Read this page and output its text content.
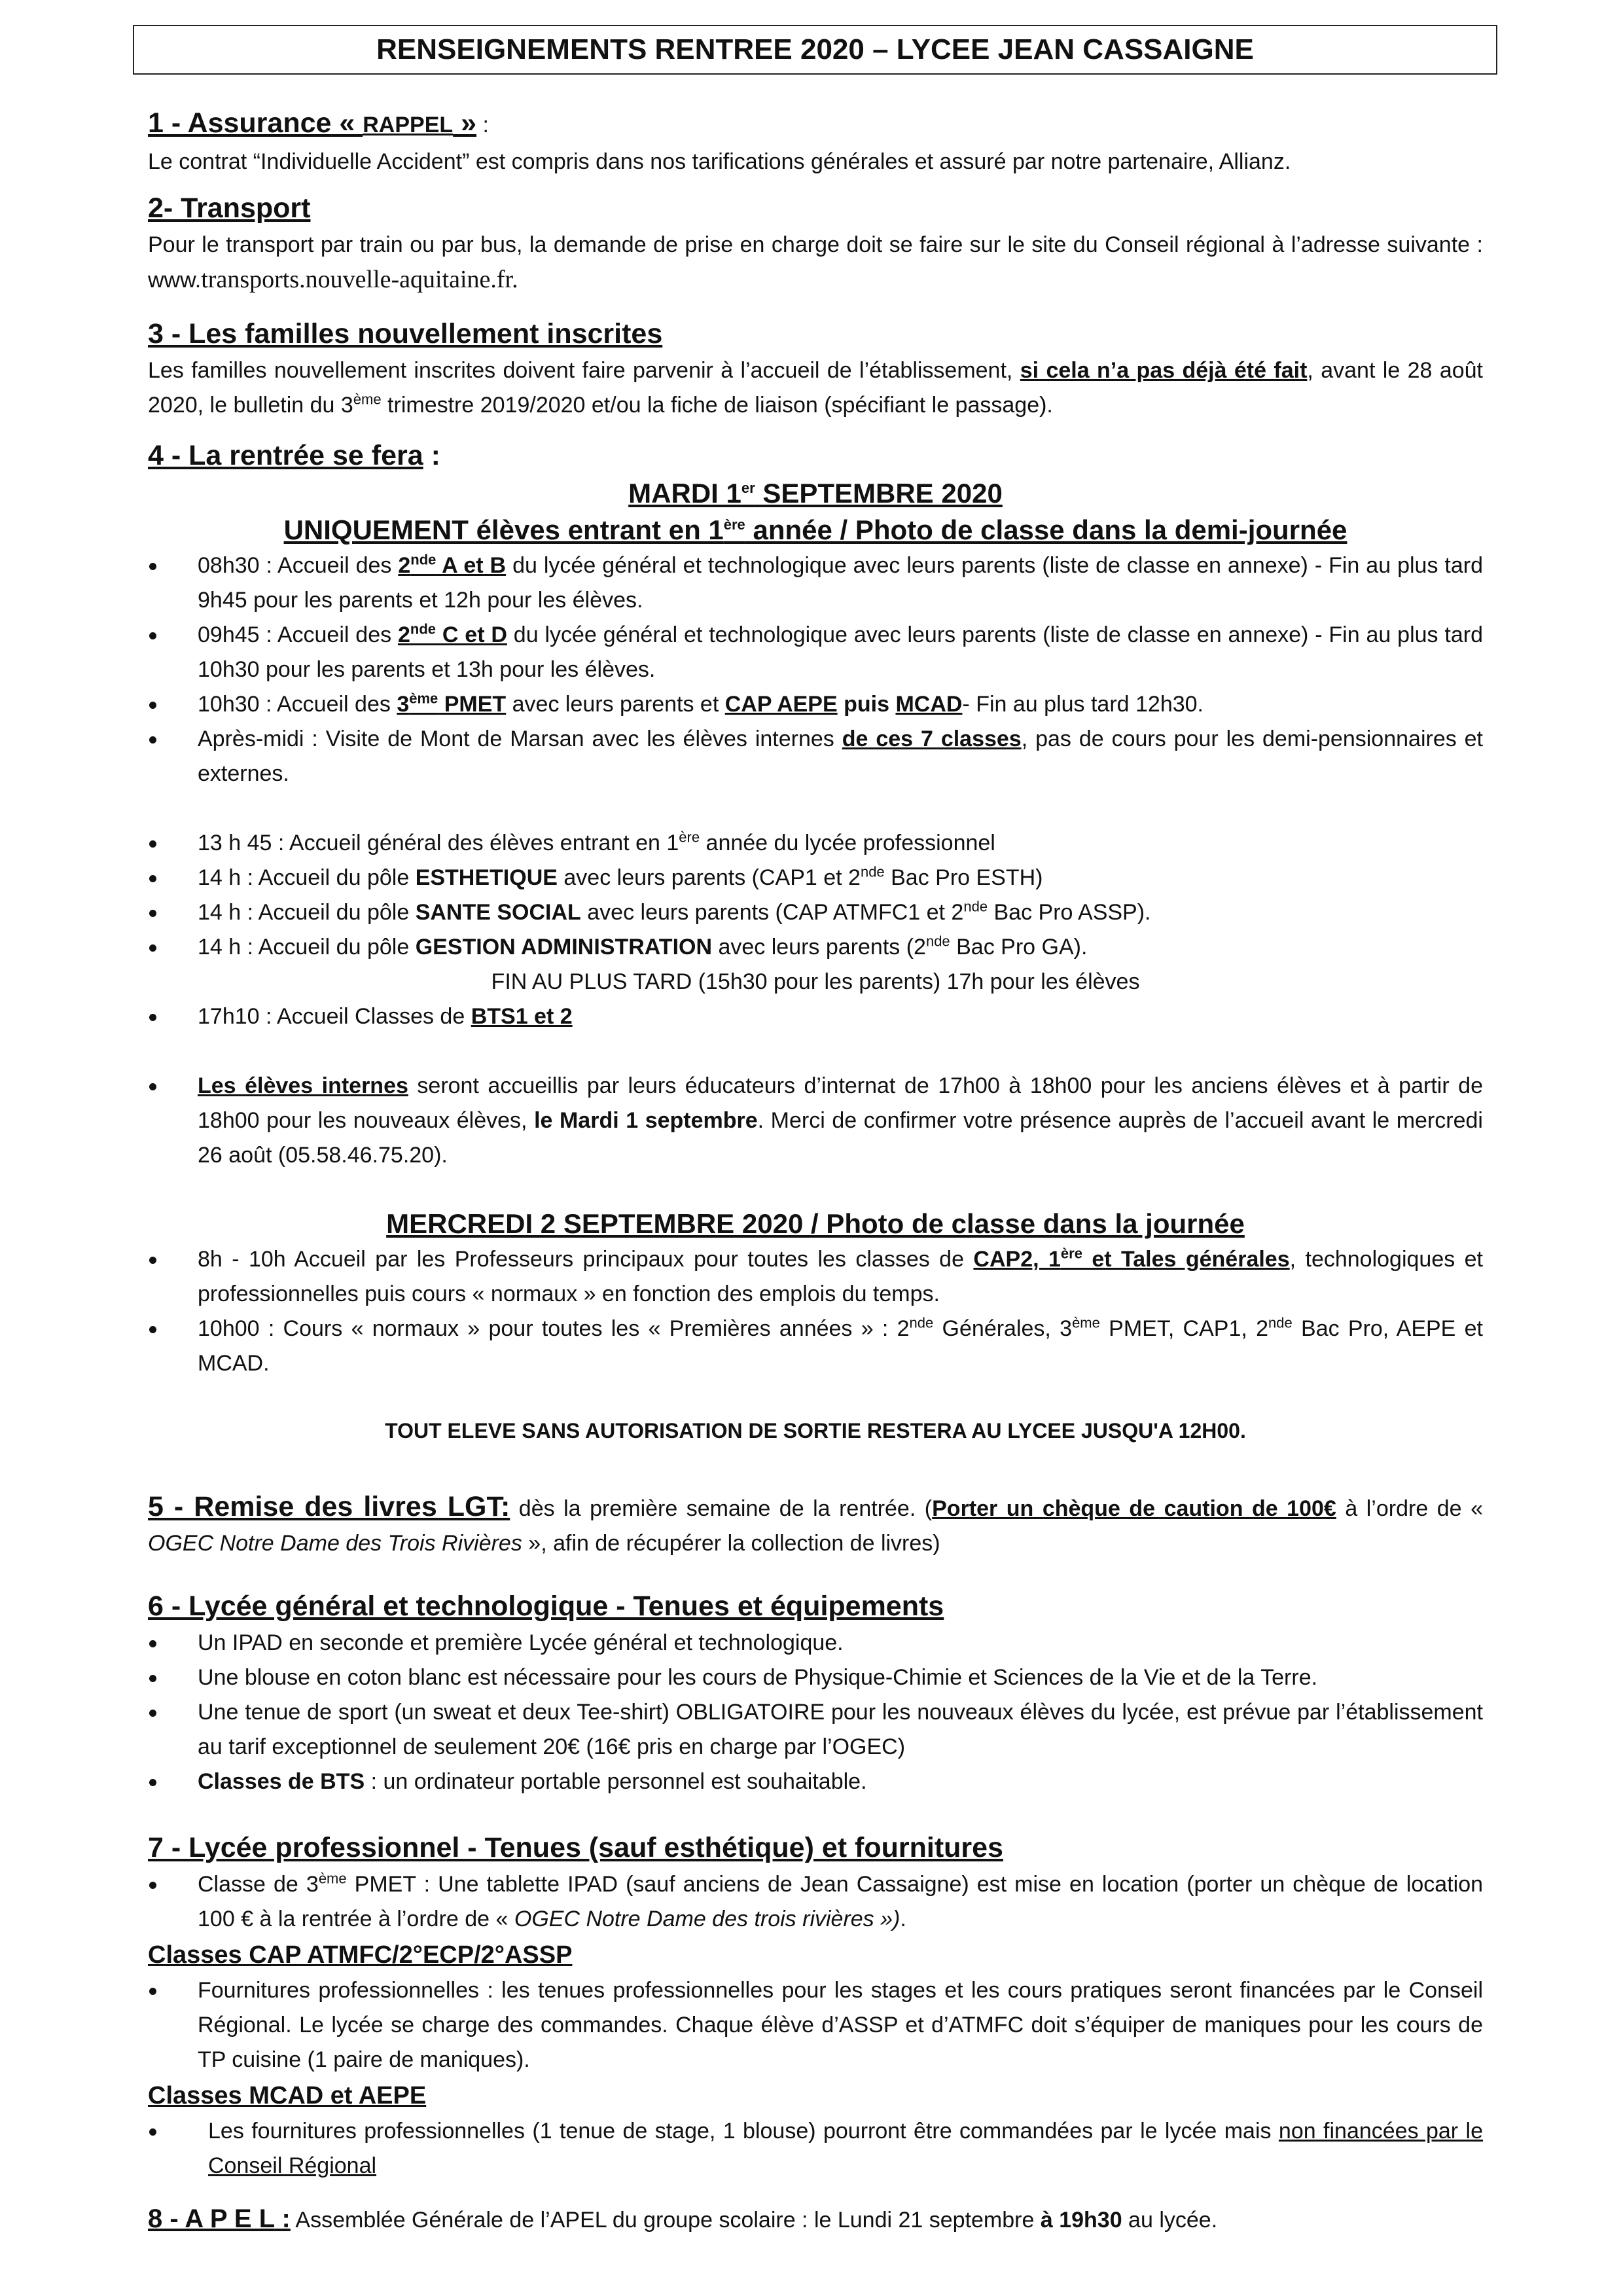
RENSEIGNEMENTS RENTREE 2020 – LYCEE JEAN CASSAIGNE
1 - Assurance « RAPPEL » :
Le contrat “Individuelle Accident” est compris dans nos tarifications générales et assuré par notre partenaire, Allianz.
2- Transport
Pour le transport par train ou par bus, la demande de prise en charge doit se faire sur le site du Conseil régional à l’adresse suivante : www.transports.nouvelle-aquitaine.fr.
3 - Les familles nouvellement inscrites
Les familles nouvellement inscrites doivent faire parvenir à l’accueil de l’établissement, si cela n’a pas déjà été fait, avant le 28 août 2020, le bulletin du 3ème trimestre 2019/2020 et/ou la fiche de liaison (spécifiant le passage).
4 - La rentrée se fera :
MARDI 1er SEPTEMBRE 2020
UNIQUEMENT élèves entrant en 1ère année / Photo de classe dans la demi-journée
08h30 : Accueil des 2nde A et B du lycée général et technologique avec leurs parents (liste de classe en annexe) - Fin au plus tard 9h45 pour les parents et 12h pour les élèves.
09h45 : Accueil des 2nde C et D du lycée général et technologique avec leurs parents (liste de classe en annexe) - Fin au plus tard 10h30 pour les parents et 13h pour les élèves.
10h30 : Accueil des 3ème PMET avec leurs parents et CAP AEPE puis MCAD- Fin au plus tard 12h30.
Après-midi : Visite de Mont de Marsan avec les élèves internes de ces 7 classes, pas de cours pour les demi-pensionnaires et externes.
13 h 45 : Accueil général des élèves entrant en 1ère année du lycée professionnel
14 h : Accueil du pôle ESTHETIQUE avec leurs parents (CAP1 et 2nde Bac Pro ESTH)
14 h : Accueil du pôle SANTE SOCIAL avec leurs parents (CAP ATMFC1 et 2nde Bac Pro ASSP).
14 h : Accueil du pôle GESTION ADMINISTRATION avec leurs parents (2nde Bac Pro GA).
FIN AU PLUS TARD (15h30 pour les parents) 17h pour les élèves
17h10 : Accueil Classes de BTS1 et 2
Les élèves internes seront accueillis par leurs éducateurs d’internat de 17h00 à 18h00 pour les anciens élèves et à partir de 18h00 pour les nouveaux élèves, le Mardi 1 septembre. Merci de confirmer votre présence auprès de l’accueil avant le mercredi 26 août (05.58.46.75.20).
MERCREDI 2 SEPTEMBRE 2020 / Photo de classe dans la journée
8h - 10h Accueil par les Professeurs principaux pour toutes les classes de CAP2, 1ère et Tales générales, technologiques et professionnelles puis cours « normaux » en fonction des emplois du temps.
10h00 : Cours « normaux » pour toutes les « Premières années » : 2nde Générales, 3ème PMET, CAP1, 2nde Bac Pro, AEPE et MCAD.
TOUT ELEVE SANS AUTORISATION DE SORTIE RESTERA AU LYCEE JUSQU'A 12H00.
5 - Remise des livres LGT: dès la première semaine de la rentrée. (Porter un chèque de caution de 100€ à l’ordre de « OGEC Notre Dame des Trois Rivières », afin de récupérer la collection de livres)
6 - Lycée général et technologique - Tenues et équipements
Un IPAD en seconde et première Lycée général et technologique.
Une blouse en coton blanc est nécessaire pour les cours de Physique-Chimie et Sciences de la Vie et de la Terre.
Une tenue de sport (un sweat et deux Tee-shirt) OBLIGATOIRE pour les nouveaux élèves du lycée, est prévue par l’établissement au tarif exceptionnel de seulement 20€ (16€ pris en charge par l’OGEC)
Classes de BTS : un ordinateur portable personnel est souhaitable.
7 - Lycée professionnel - Tenues (sauf esthétique) et fournitures
Classe de 3ème PMET : Une tablette IPAD (sauf anciens de Jean Cassaigne) est mise en location (porter un chèque de location 100 € à la rentrée à l’ordre de « OGEC Notre Dame des trois rivières »).
Classes CAP ATMFC/2°ECP/2°ASSP
Fournitures professionnelles : les tenues professionnelles pour les stages et les cours pratiques seront financées par le Conseil Régional. Le lycée se charge des commandes. Chaque élève d’ASSP et d’ATMFC doit s’équiper de maniques pour les cours de TP cuisine (1 paire de maniques).
Classes MCAD et AEPE
Les fournitures professionnelles (1 tenue de stage, 1 blouse) pourront être commandées par le lycée mais non financées par le Conseil Régional
8 - A P E L : Assemblée Générale de l’APEL du groupe scolaire : le Lundi 21 septembre à 19h30 au lycée.
